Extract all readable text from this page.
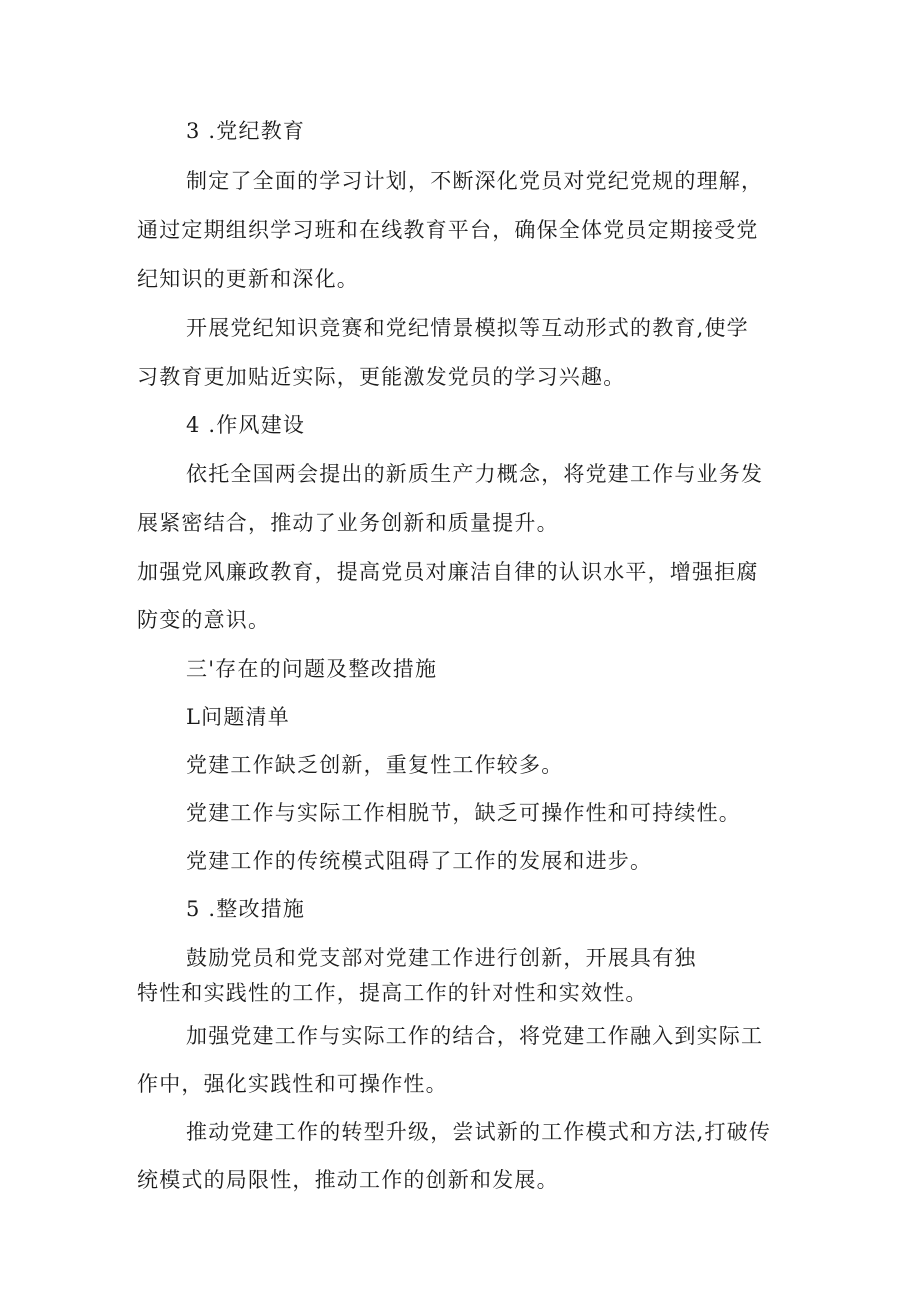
3 .党纪教育
制定了全面的学习计划，不断深化党员对党纪党规的理解，
通过定期组织学习班和在线教育平台，确保全体党员定期接受党
纪知识的更新和深化。
开展党纪知识竞赛和党纪情景模拟等互动形式的教育,使学
习教育更加贴近实际，更能激发党员的学习兴趣。
4 .作风建设
依托全国两会提出的新质生产力概念，将党建工作与业务发
展紧密结合，推动了业务创新和质量提升。
加强党风廉政教育，提高党员对廉洁自律的认识水平，增强拒腐
防变的意识。
三'存在的问题及整改措施
L问题清单
党建工作缺乏创新，重复性工作较多。
党建工作与实际工作相脱节，缺乏可操作性和可持续性。
党建工作的传统模式阻碍了工作的发展和进步。
5 .整改措施
鼓励党员和党支部对党建工作进行创新，开展具有独
特性和实践性的工作，提高工作的针对性和实效性。
加强党建工作与实际工作的结合，将党建工作融入到实际工
作中，强化实践性和可操作性。
推动党建工作的转型升级，尝试新的工作模式和方法,打破传
统模式的局限性，推动工作的创新和发展。
